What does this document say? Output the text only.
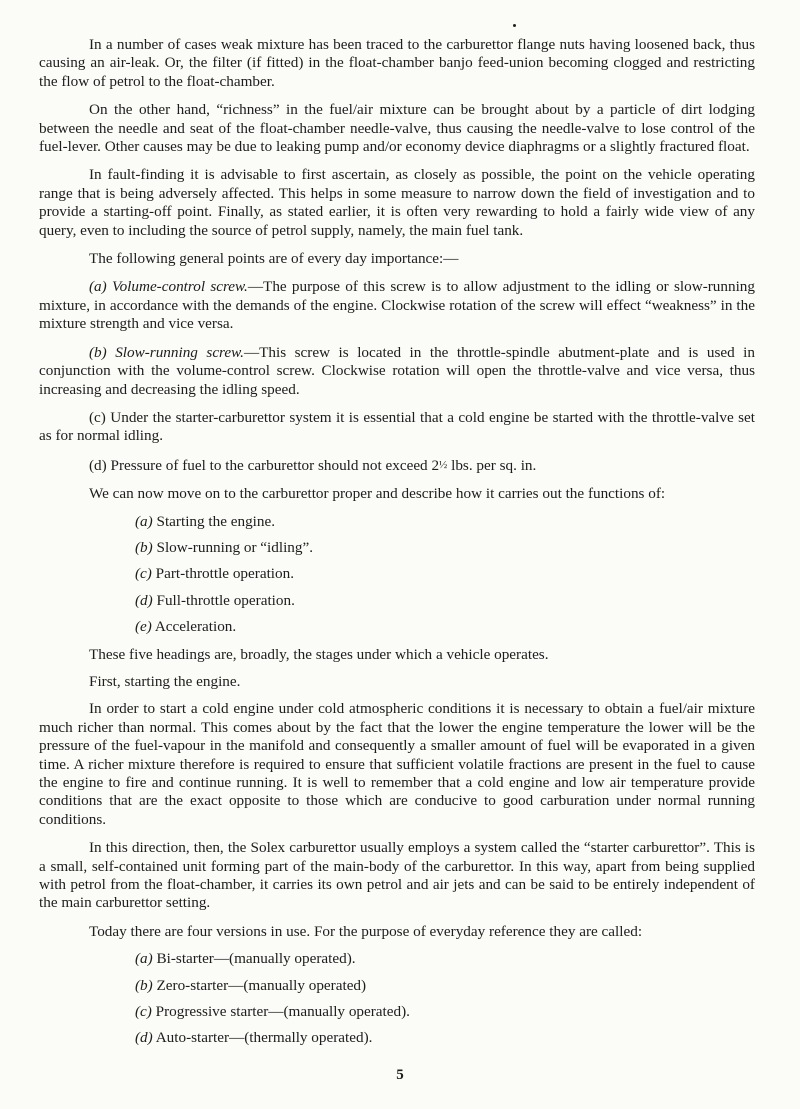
In a number of cases weak mixture has been traced to the carburettor flange nuts having loosened back, thus causing an air-leak. Or, the filter (if fitted) in the float-chamber banjo feed-union becoming clogged and restricting the flow of petrol to the float-chamber.

On the other hand, “richness” in the fuel/air mixture can be brought about by a particle of dirt lodging between the needle and seat of the float-chamber needle-valve, thus causing the needle-valve to lose control of the fuel-lever. Other causes may be due to leaking pump and/or economy device diaphragms or a slightly fractured float.

In fault-finding it is advisable to first ascertain, as closely as possible, the point on the vehicle operating range that is being adversely affected. This helps in some measure to narrow down the field of investigation and to provide a starting-off point. Finally, as stated earlier, it is often very rewarding to hold a fairly wide view of any query, even to including the source of petrol supply, namely, the main fuel tank.

The following general points are of every day importance:—

(a) Volume-control screw.—The purpose of this screw is to allow adjustment to the idling or slow-running mixture, in accordance with the demands of the engine. Clockwise rotation of the screw will effect “weakness” in the mixture strength and vice versa.

(b) Slow-running screw.—This screw is located in the throttle-spindle abutment-plate and is used in conjunction with the volume-control screw. Clockwise rotation will open the throttle-valve and vice versa, thus increasing and decreasing the idling speed.

(c) Under the starter-carburettor system it is essential that a cold engine be started with the throttle-valve set as for normal idling.

(d) Pressure of fuel to the carburettor should not exceed 2½ lbs. per sq. in.

We can now move on to the carburettor proper and describe how it carries out the functions of:

(a) Starting the engine.
(b) Slow-running or “idling”.
(c) Part-throttle operation.
(d) Full-throttle operation.
(e) Acceleration.

These five headings are, broadly, the stages under which a vehicle operates.

First, starting the engine.

In order to start a cold engine under cold atmospheric conditions it is necessary to obtain a fuel/air mixture much richer than normal. This comes about by the fact that the lower the engine temperature the lower will be the pressure of the fuel-vapour in the manifold and consequently a smaller amount of fuel will be evaporated in a given time. A richer mixture therefore is required to ensure that sufficient volatile fractions are present in the fuel to cause the engine to fire and continue running. It is well to remember that a cold engine and low air temperature provide conditions that are the exact opposite to those which are conducive to good carburation under normal running conditions.

In this direction, then, the Solex carburettor usually employs a system called the “starter carburettor”. This is a small, self-contained unit forming part of the main-body of the carburettor. In this way, apart from being supplied with petrol from the float-chamber, it carries its own petrol and air jets and can be said to be entirely independent of the main carburettor setting.

Today there are four versions in use. For the purpose of everyday reference they are called:

(a) Bi-starter—(manually operated).
(b) Zero-starter—(manually operated)
(c) Progressive starter—(manually operated).
(d) Auto-starter—(thermally operated).
5
